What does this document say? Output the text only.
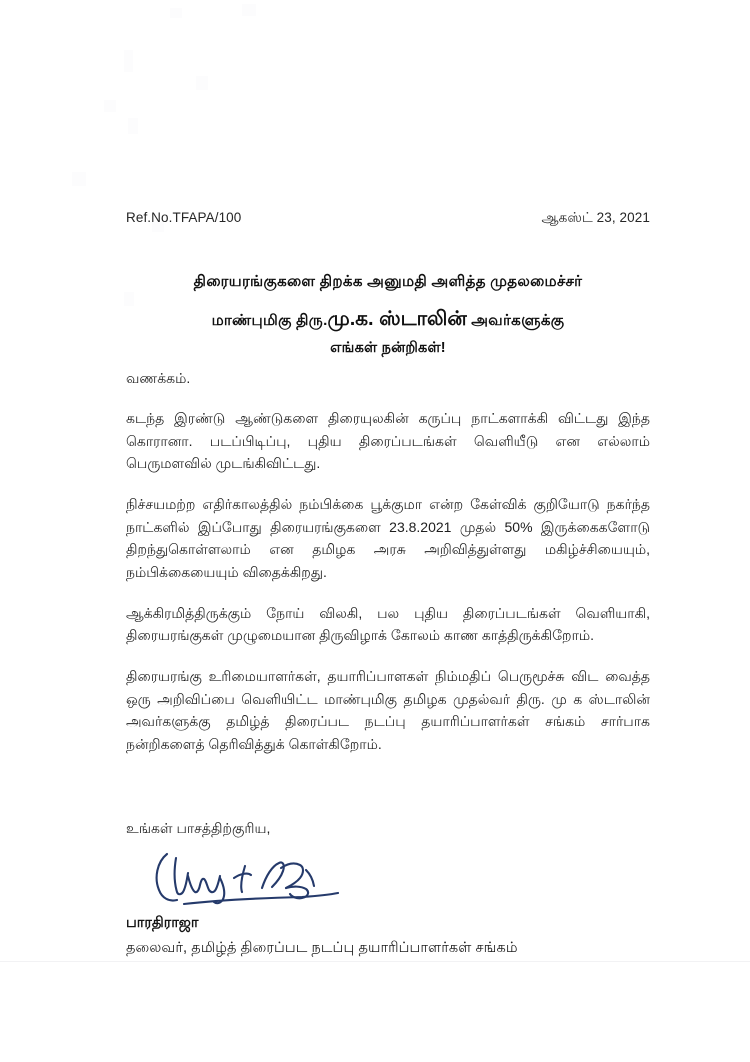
Ref.No.TFAPA/100	ஆகஸ்ட் 23, 2021
திரையரங்குகளை திறக்க அனுமதி அளித்த முதலமைச்சர்
மாண்புமிகு திரு.மு.க. ஸ்டாலின் அவர்களுக்கு
எங்கள் நன்றிகள்!
வணக்கம்.

கடந்த இரண்டு ஆண்டுகளை திரையுலகின் கருப்பு நாட்களாக்கி விட்டது இந்த கொரானா. படப்பிடிப்பு, புதிய திரைப்படங்கள் வெளியீடு என எல்லாம் பெருமளவில் முடங்கிவிட்டது.

நிச்சயமற்ற எதிர்காலத்தில் நம்பிக்கை பூக்குமா என்ற கேள்விக் குறியோடு நகர்ந்த நாட்களில் இப்போது திரையரங்குகளை 23.8.2021 முதல் 50% இருக்கைகளோடு திறந்துகொள்ளலாம் என தமிழக அரசு அறிவித்துள்ளது மகிழ்ச்சியையும், நம்பிக்கையையும் விதைக்கிறது.

ஆக்கிரமித்திருக்கும் நோய் விலகி, பல புதிய திரைப்படங்கள் வெளியாகி, திரையரங்குகள் முழுமையான திருவிழாக் கோலம் காண காத்திருக்கிறோம்.

திரையரங்கு உரிமையாளர்கள், தயாரிப்பாளகள் நிம்மதிப் பெருமூச்சு விட வைத்த ஒரு அறிவிப்பை வெளியிட்ட மாண்புமிகு தமிழக முதல்வர் திரு. மு க ஸ்டாலின் அவர்களுக்கு தமிழ்த் திரைப்பட நடப்பு தயாரிப்பாளர்கள் சங்கம் சார்பாக நன்றிகளைத் தெரிவித்துக் கொள்கிறோம்.

உங்கள் பாசத்திற்குரிய,
பாரதிராஜா
தலைவர், தமிழ்த் திரைப்பட நடப்பு தயாரிப்பாளர்கள் சங்கம்
